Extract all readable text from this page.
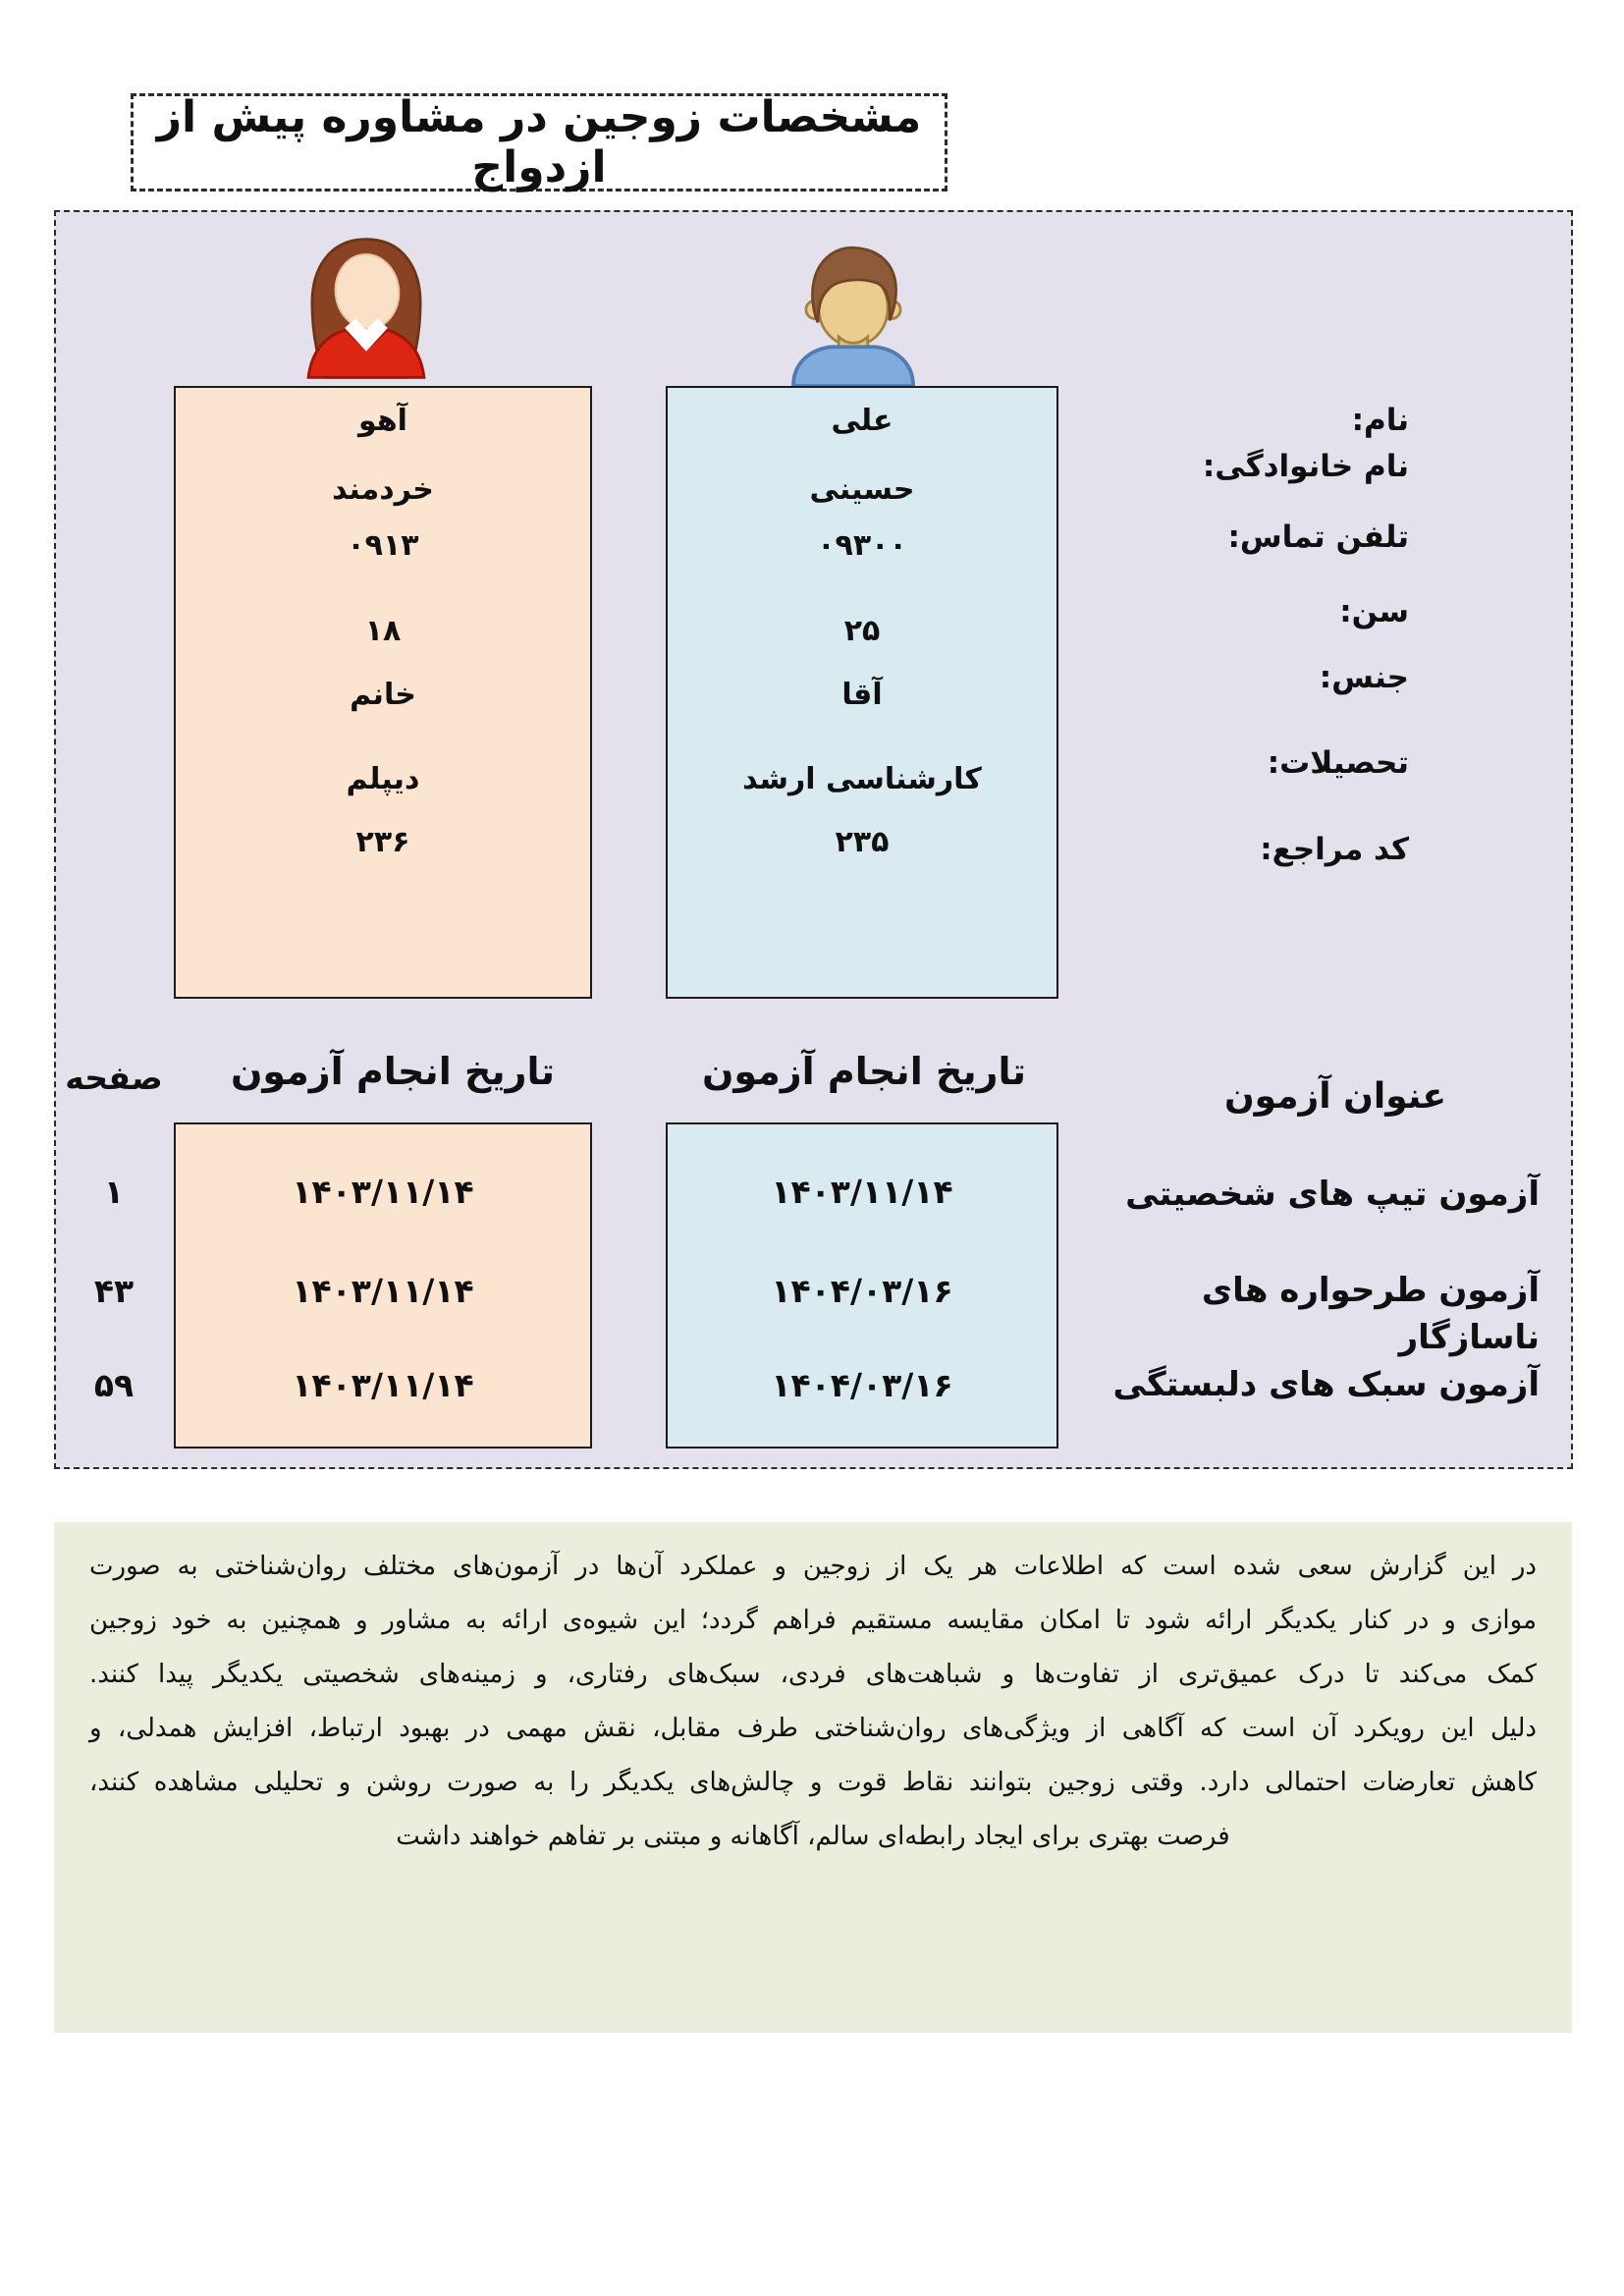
مشخصات زوجین در مشاوره پیش از ازدواج
آهو
خردمند
۰۹۱۳
۱۸
خانم
دیپلم
۲۳۶
علی
حسینی
۰۹۳۰۰
۲۵
آقا
کارشناسی ارشد
۲۳۵
نام:
نام خانوادگی:
تلفن تماس:
سن:
جنس:
تحصیلات:
کد مراجع:
صفحه	تاریخ انجام آزمون	تاریخ انجام آزمون
عنوان آزمون
۱۴۰۳/۱۱/۱۴
۱۴۰۳/۱۱/۱۴
۱۴۰۳/۱۱/۱۴
۱۴۰۳/۱۱/۱۴
۱۴۰۴/۰۳/۱۶
۱۴۰۴/۰۳/۱۶
۱
۴۳
۵۹
آزمون تیپ های شخصیتی
آزمون طرحواره های ناسازگار
آزمون سبک های دلبستگی
در این گزارش سعی شده است که اطلاعات هر یک از زوجین و عملکرد آن‌ها در آزمون‌های مختلف روان‌شناختی به صورت
موازی و در کنار یکدیگر ارائه شود تا امکان مقایسه مستقیم فراهم گردد؛ این شیوه‌ی ارائه به مشاور و همچنین به خود زوجین
کمک می‌کند تا درک عمیق‌تری از تفاوت‌ها و شباهت‌های فردی، سبک‌های رفتاری، و زمینه‌های شخصیتی یکدیگر پیدا کنند.
دلیل این رویکرد آن است که آگاهی از ویژگی‌های روان‌شناختی طرف مقابل، نقش مهمی در بهبود ارتباط، افزایش همدلی، و
کاهش تعارضات احتمالی دارد. وقتی زوجین بتوانند نقاط قوت و چالش‌های یکدیگر را به صورت روشن و تحلیلی مشاهده کنند،
فرصت بهتری برای ایجاد رابطه‌ای سالم، آگاهانه و مبتنی بر تفاهم خواهند داشت
